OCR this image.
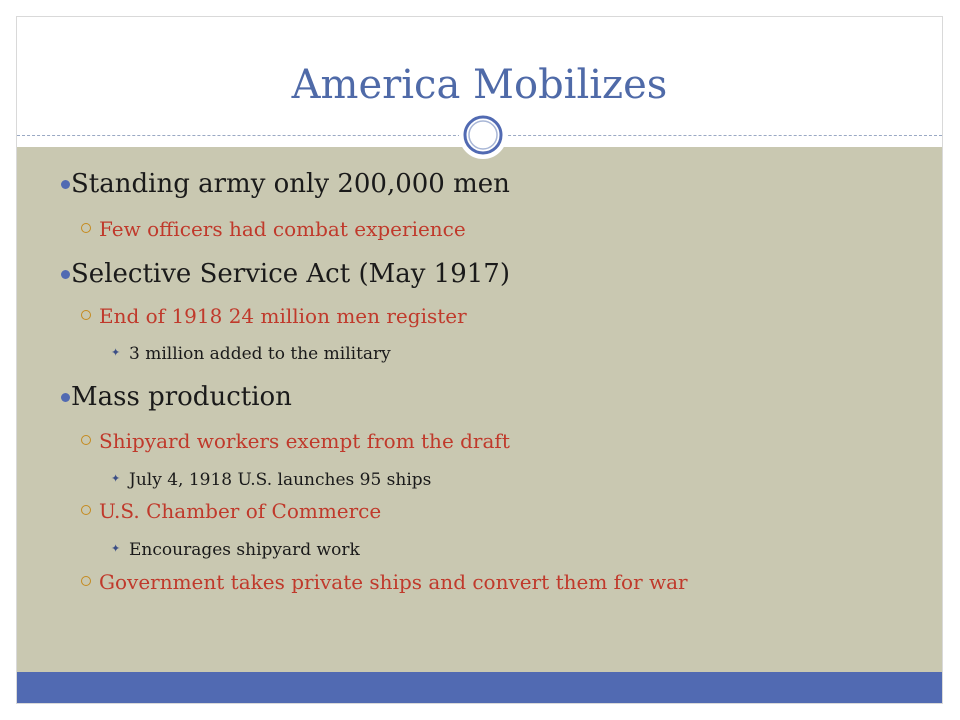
America Mobilizes
Standing army only 200,000 men
Few officers had combat experience
Selective Service Act (May 1917)
End of 1918 24 million men register
✦ 3 million added to the military
Mass production
Shipyard workers exempt from the draft
✦ July 4, 1918 U.S. launches 95 ships
U.S. Chamber of Commerce
✦ Encourages shipyard work
Government takes private ships and convert them for war
